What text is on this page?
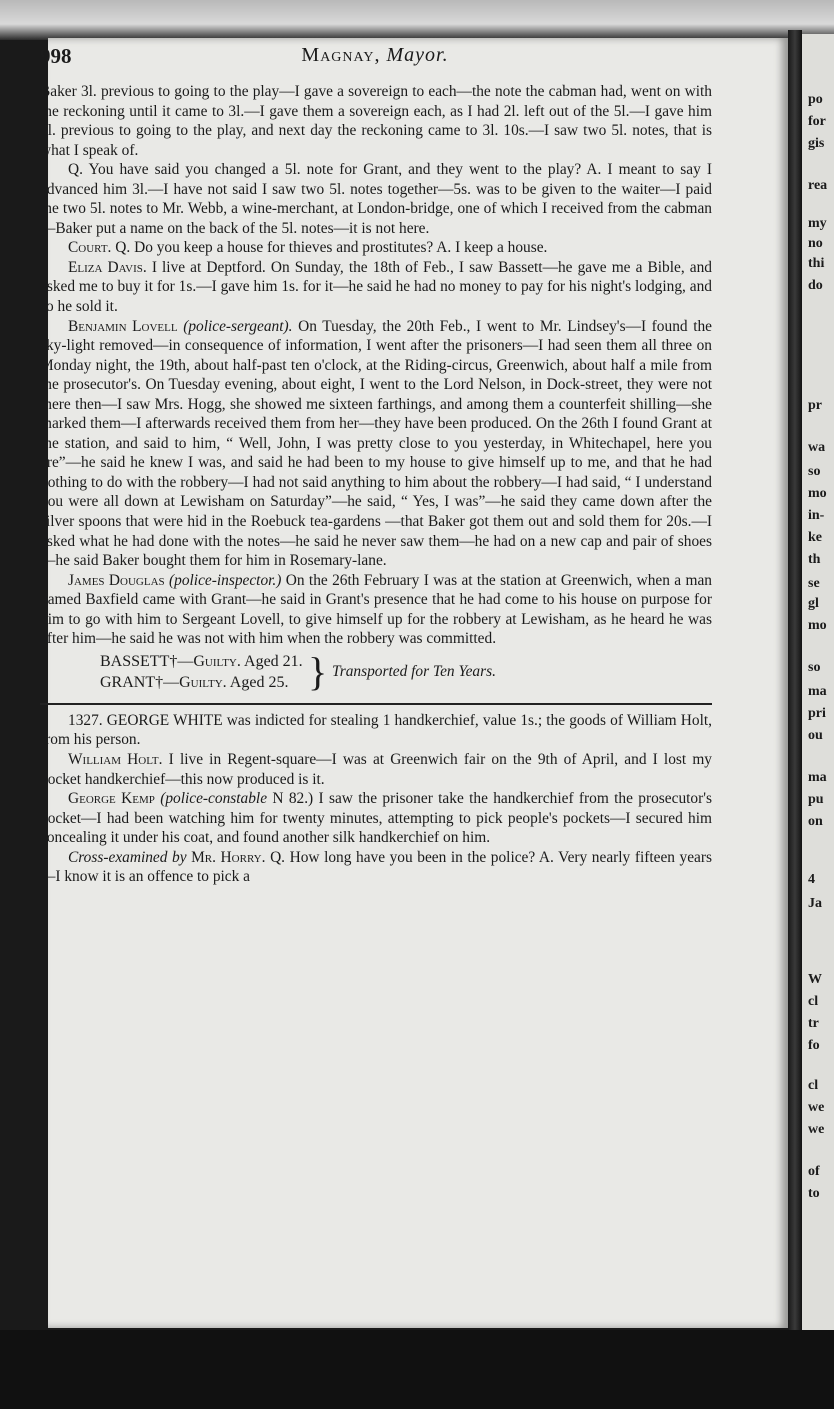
po
for
gis
rea
my
no
thi
do
pr
wa
so
mo
in-
ke
th
se
gl
mo
so
ma
pri
ou
ma
pu
on
4
Ja
W
cl
tr
fo
cl
we
we
of
to
998	Magnay, Mayor.

Baker 3l. previous to going to the play—I gave a sovereign to each—the note the cabman had, went on with the reckoning until it came to 3l.—I gave them a sovereign each, as I had 2l. left out of the 5l.—I gave him 3l. previous to going to the play, and next day the reckoning came to 3l. 10s.—I saw two 5l. notes, that is what I speak of.

Q. You have said you changed a 5l. note for Grant, and they went to the play? A. I meant to say I advanced him 3l.—I have not said I saw two 5l. notes together—5s. was to be given to the waiter—I paid the two 5l. notes to Mr. Webb, a wine-merchant, at London-bridge, one of which I received from the cabman—Baker put a name on the back of the 5l. notes—it is not here.

Court. Q. Do you keep a house for thieves and prostitutes? A. I keep a house.

Eliza Davis. I live at Deptford. On Sunday, the 18th of Feb., I saw Bassett—he gave me a Bible, and asked me to buy it for 1s.—I gave him 1s. for it—he said he had no money to pay for his night's lodging, and so he sold it.

Benjamin Lovell (police-sergeant). On Tuesday, the 20th Feb., I went to Mr. Lindsey's—I found the sky-light removed—in consequence of information, I went after the prisoners—I had seen them all three on Monday night, the 19th, about half-past ten o'clock, at the Riding-circus, Greenwich, about half a mile from the prosecutor's. On Tuesday evening, about eight, I went to the Lord Nelson, in Dock-street, they were not there then—I saw Mrs. Hogg, she showed me sixteen farthings, and among them a counterfeit shilling—she marked them—I afterwards received them from her—they have been produced. On the 26th I found Grant at the station, and said to him, “ Well, John, I was pretty close to you yesterday, in Whitechapel, here you are”—he said he knew I was, and said he had been to my house to give himself up to me, and that he had nothing to do with the robbery—I had not said anything to him about the robbery—I had said, “ I understand you were all down at Lewisham on Saturday”—he said, “ Yes, I was”—he said they came down after the silver spoons that were hid in the Roebuck tea-gardens —that Baker got them out and sold them for 20s.—I asked what he had done with the notes—he said he never saw them—he had on a new cap and pair of shoes—he said Baker bought them for him in Rosemary-lane.

James Douglas (police-inspector.) On the 26th February I was at the station at Greenwich, when a man named Baxfield came with Grant—he said in Grant's presence that he had come to his house on purpose for him to go with him to Sergeant Lovell, to give himself up for the robbery at Lewisham, as he heard he was after him—he said he was not with him when the robbery was committed.

BASSETT†—Guilty. Aged 21.
GRANT†—Guilty. Aged 25. } Transported for Ten Years.

1327. GEORGE WHITE was indicted for stealing 1 handkerchief, value 1s.; the goods of William Holt, from his person.

William Holt. I live in Regent-square—I was at Greenwich fair on the 9th of April, and I lost my pocket handkerchief—this now produced is it.

George Kemp (police-constable N 82.) I saw the prisoner take the handkerchief from the prosecutor's pocket—I had been watching him for twenty minutes, attempting to pick people's pockets—I secured him concealing it under his coat, and found another silk handkerchief on him.

Cross-examined by Mr. Horry. Q. How long have you been in the police? A. Very nearly fifteen years—I know it is an offence to pick a
